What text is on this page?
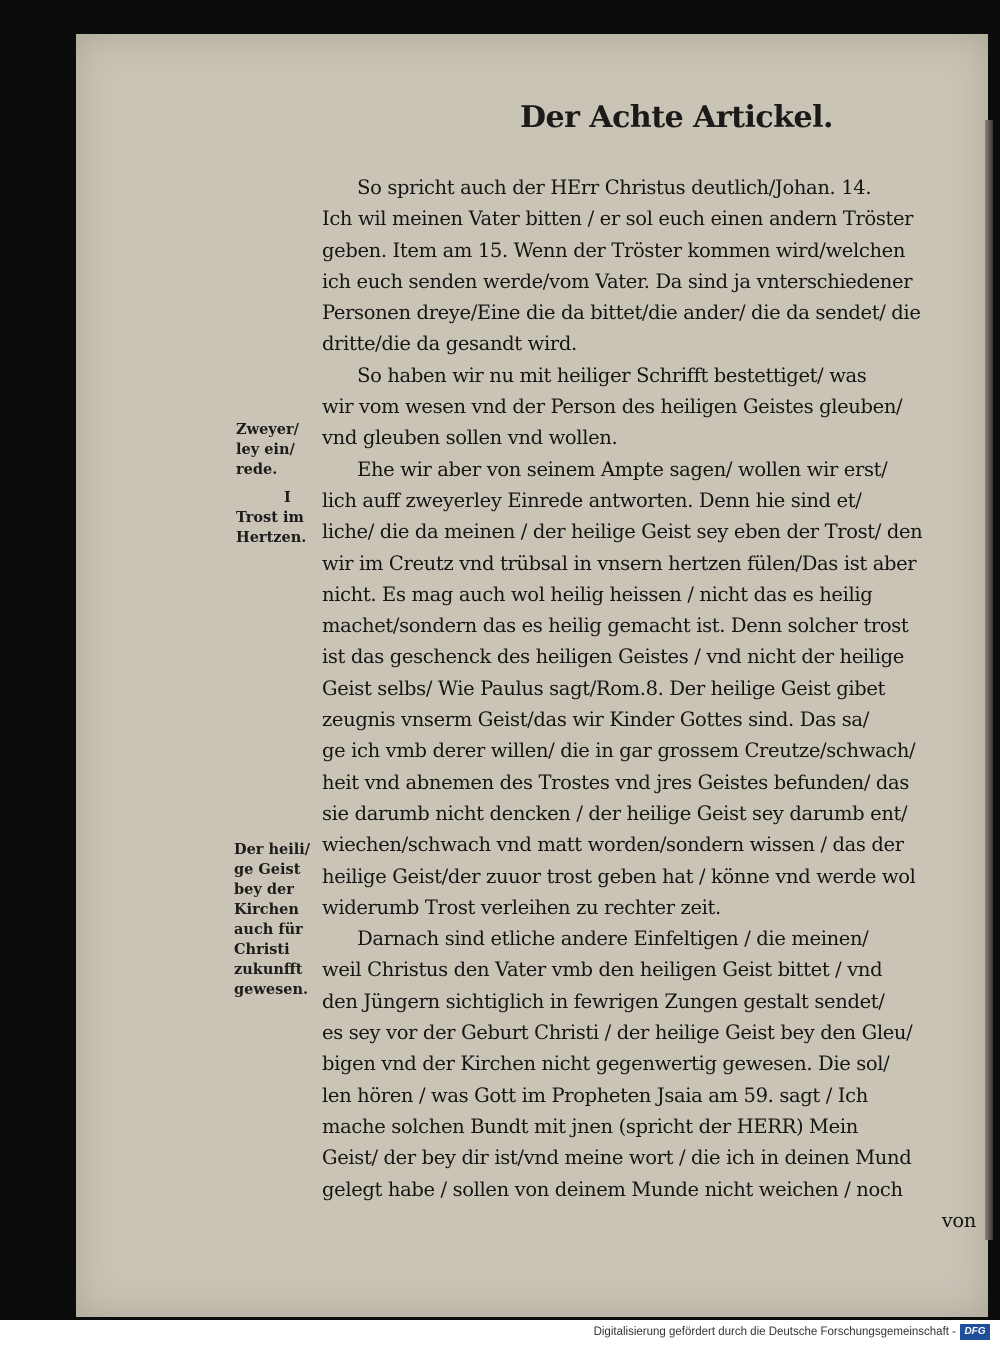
Der Achte Artickel.
So spricht auch der HErr Christus deutlich/Johan. 14.
Ich wil meinen Vater bitten / er sol euch einen andern Tröster
geben. Item am 15. Wenn der Tröster kommen wird/welchen
ich euch senden werde/vom Vater. Da sind ja vnterschiedener
Personen dreye/Eine die da bittet/die ander/ die da sendet/ die
dritte/die da gesandt wird.
So haben wir nu mit heiliger Schrifft bestettiget/ was
wir vom wesen vnd der Person des heiligen Geistes gleuben/
vnd gleuben sollen vnd wollen.
Ehe wir aber von seinem Ampte sagen/ wollen wir erst/
lich auff zweyerley Einrede antworten. Denn hie sind et/
liche/ die da meinen / der heilige Geist sey eben der Trost/ den
wir im Creutz vnd trübsal in vnsern hertzen fülen/Das ist aber
nicht. Es mag auch wol heilig heissen / nicht das es heilig
machet/sondern das es heilig gemacht ist. Denn solcher trost
ist das geschenck des heiligen Geistes / vnd nicht der heilige
Geist selbs/ Wie Paulus sagt/Rom.8. Der heilige Geist gibet
zeugnis vnserm Geist/das wir Kinder Gottes sind. Das sa/
ge ich vmb derer willen/ die in gar grossem Creutze/schwach/
heit vnd abnemen des Trostes vnd jres Geistes befunden/ das
sie darumb nicht dencken / der heilige Geist sey darumb ent/
wiechen/schwach vnd matt worden/sondern wissen / das der
heilige Geist/der zuuor trost geben hat / könne vnd werde wol
widerumb Trost verleihen zu rechter zeit.
Darnach sind etliche andere Einfeltigen / die meinen/
weil Christus den Vater vmb den heiligen Geist bittet / vnd
den Jüngern sichtiglich in fewrigen Zungen gestalt sendet/
es sey vor der Geburt Christi / der heilige Geist bey den Gleu/
bigen vnd der Kirchen nicht gegenwertig gewesen. Die sol/
len hören / was Gott im Propheten Jsaia am 59. sagt / Ich
mache solchen Bundt mit jnen (spricht der HERR) Mein
Geist/ der bey dir ist/vnd meine wort / die ich in deinen Mund
gelegt habe / sollen von deinem Munde nicht weichen / noch
von
Zweyer/
ley ein/
rede.
I
Trost im
Hertzen.
Der heili/
ge Geist
bey der
Kirchen
auch für
Christi
zukunfft
gewesen.
Digitalisierung gefördert durch die Deutsche Forschungsgemeinschaft - DFG
